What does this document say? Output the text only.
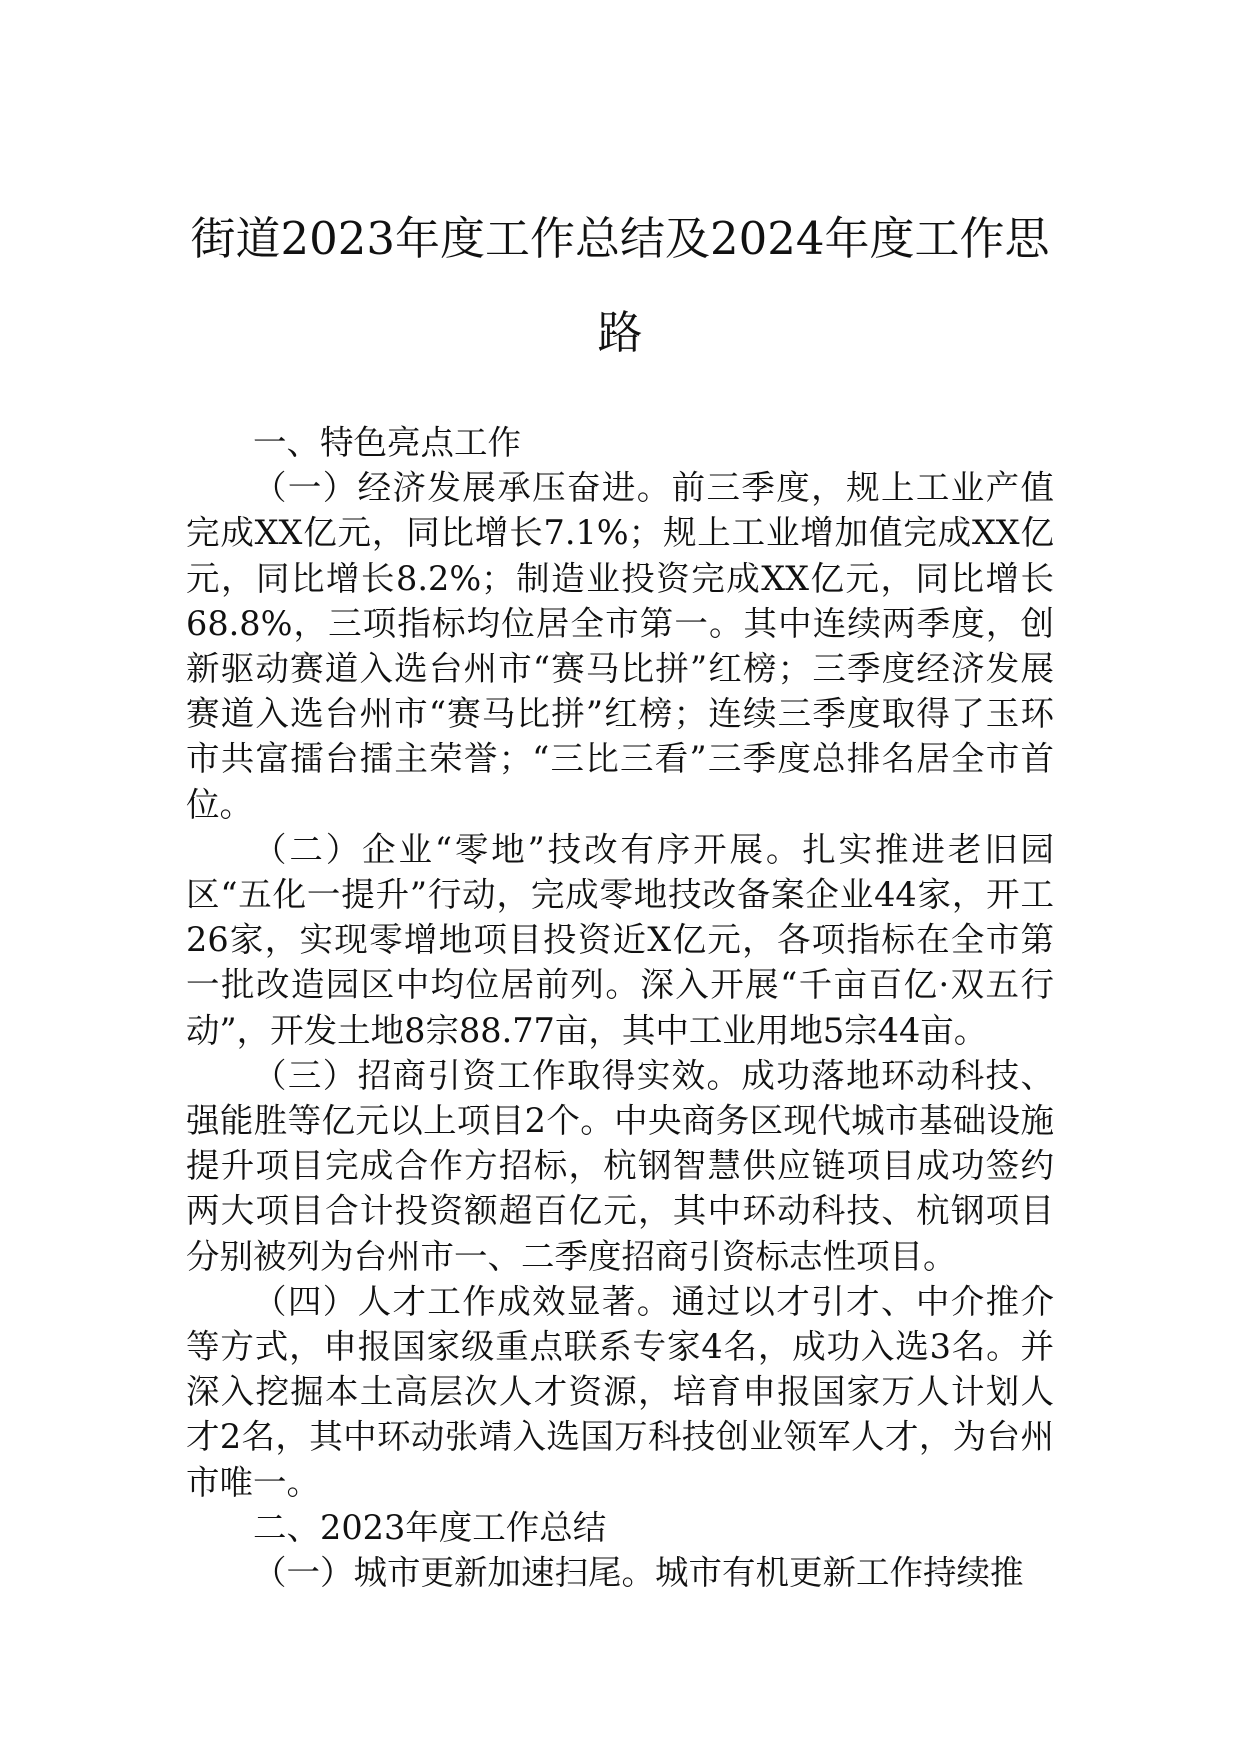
街道2023年度工作总结及2024年度工作思
路

一、特色亮点工作

（一）经济发展承压奋进。前三季度，规上工业产值完成XX亿元，同比增长7.1%；规上工业增加值完成XX亿元，同比增长8.2%；制造业投资完成XX亿元，同比增长68.8%，三项指标均位居全市第一。其中连续两季度，创新驱动赛道入选台州市“赛马比拼”红榜；三季度经济发展赛道入选台州市“赛马比拼”红榜；连续三季度取得了玉环市共富擂台擂主荣誉；“三比三看”三季度总排名居全市首位。

（二）企业“零地”技改有序开展。扎实推进老旧园区“五化一提升”行动，完成零地技改备案企业44家，开工26家，实现零增地项目投资近X亿元，各项指标在全市第一批改造园区中均位居前列。深入开展“千亩百亿·双五行动”，开发土地8宗88.77亩，其中工业用地5宗44亩。

（三）招商引资工作取得实效。成功落地环动科技、强能胜等亿元以上项目2个。中央商务区现代城市基础设施提升项目完成合作方招标，杭钢智慧供应链项目成功签约两大项目合计投资额超百亿元，其中环动科技、杭钢项目分别被列为台州市一、二季度招商引资标志性项目。

（四）人才工作成效显著。通过以才引才、中介推介等方式，申报国家级重点联系专家4名，成功入选3名。并深入挖掘本土高层次人才资源，培育申报国家万人计划人才2名，其中环动张靖入选国万科技创业领军人才，为台州市唯一。

二、2023年度工作总结

（一）城市更新加速扫尾。城市有机更新工作持续推
